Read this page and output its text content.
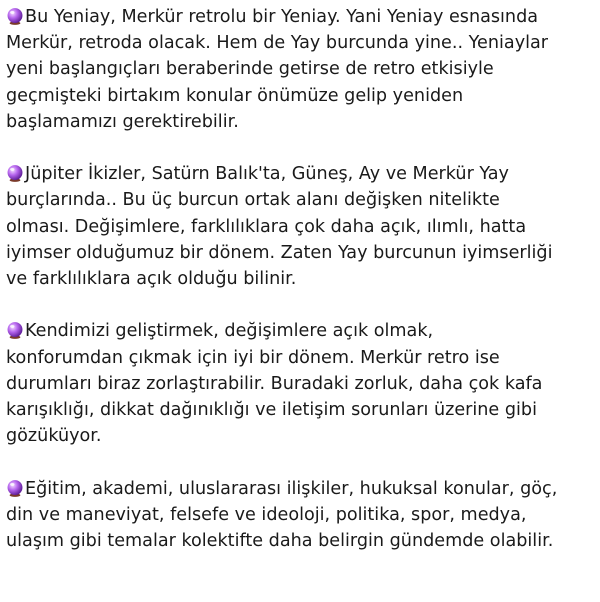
Bu Yeniay, Merkür retrolu bir Yeniay. Yani Yeniay esnasında
Merkür, retroda olacak. Hem de Yay burcunda yine.. Yeniaylar
yeni başlangıçları beraberinde getirse de retro etkisiyle
geçmişteki birtakım konular önümüze gelip yeniden
başlamamızı gerektirebilir.
Jüpiter İkizler, Satürn Balık'ta, Güneş, Ay ve Merkür Yay
burçlarında.. Bu üç burcun ortak alanı değişken nitelikte
olması. Değişimlere, farklılıklara çok daha açık, ılımlı, hatta
iyimser olduğumuz bir dönem. Zaten Yay burcunun iyimserliği
ve farklılıklara açık olduğu bilinir.
Kendimizi geliştirmek, değişimlere açık olmak,
konforumdan çıkmak için iyi bir dönem. Merkür retro ise
durumları biraz zorlaştırabilir. Buradaki zorluk, daha çok kafa
karışıklığı, dikkat dağınıklığı ve iletişim sorunları üzerine gibi
gözüküyor.
Eğitim, akademi, uluslararası ilişkiler, hukuksal konular, göç,
din ve maneviyat, felsefe ve ideoloji, politika, spor, medya,
ulaşım gibi temalar kolektifte daha belirgin gündemde olabilir.
